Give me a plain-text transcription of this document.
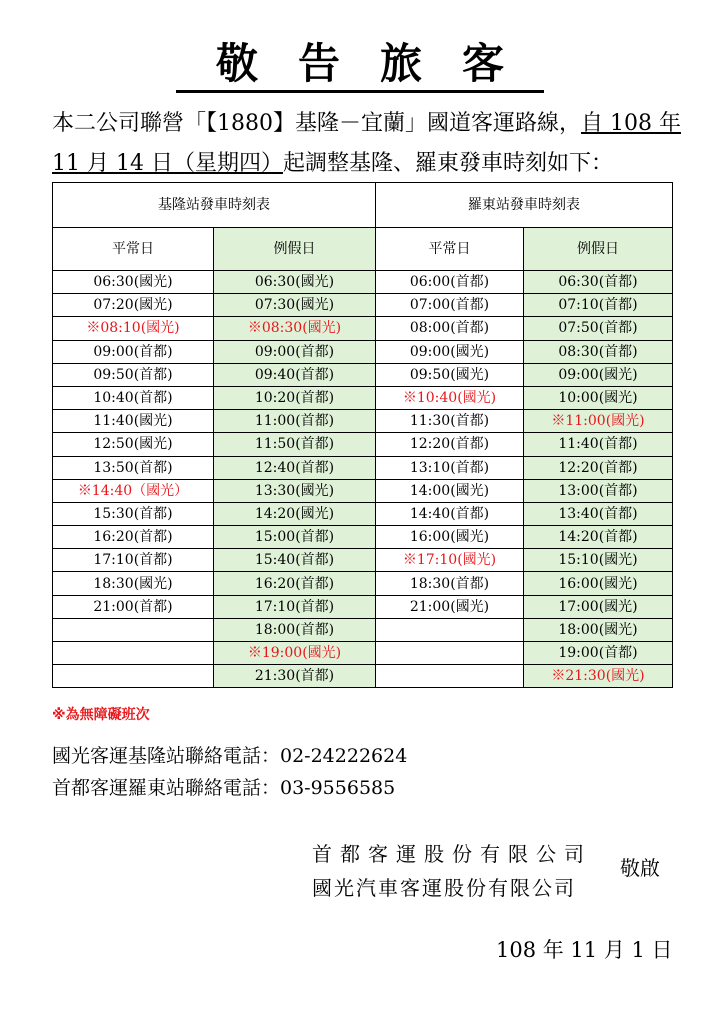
敬告旅客
本二公司聯營「【1880】基隆－宜蘭」國道客運路線，自 108 年 11 月 14 日（星期四）起調整基隆、羅東發車時刻如下：
基隆站發車時刻表		羅東站發車時刻表	
平常日	例假日	平常日	例假日
06:30(國光)	06:30(國光)	06:00(首都)	06:30(首都)
07:20(國光)	07:30(國光)	07:00(首都)	07:10(首都)
※08:10(國光)	※08:30(國光)	08:00(首都)	07:50(首都)
09:00(首都)	09:00(首都)	09:00(國光)	08:30(首都)
09:50(首都)	09:40(首都)	09:50(國光)	09:00(國光)
10:40(首都)	10:20(首都)	※10:40(國光)	10:00(國光)
11:40(國光)	11:00(首都)	11:30(首都)	※11:00(國光)
12:50(國光)	11:50(首都)	12:20(首都)	11:40(首都)
13:50(首都)	12:40(首都)	13:10(首都)	12:20(首都)
※14:40（國光）	13:30(國光)	14:00(國光)	13:00(首都)
15:30(首都)	14:20(國光)	14:40(首都)	13:40(首都)
16:20(首都)	15:00(首都)	16:00(國光)	14:20(首都)
17:10(首都)	15:40(首都)	※17:10(國光)	15:10(國光)
18:30(國光)	16:20(首都)	18:30(首都)	16:00(國光)
21:00(首都)	17:10(首都)	21:00(國光)	17:00(國光)
	18:00(首都)		18:00(國光)
	※19:00(國光)		19:00(首都)
	21:30(首都)		※21:30(國光)
※為無障礙班次
國光客運基隆站聯絡電話：02-24222624
首都客運羅東站聯絡電話：03-9556585
首都客運股份有限公司
國光汽車客運股份有限公司
敬啟
108 年 11 月 1 日
